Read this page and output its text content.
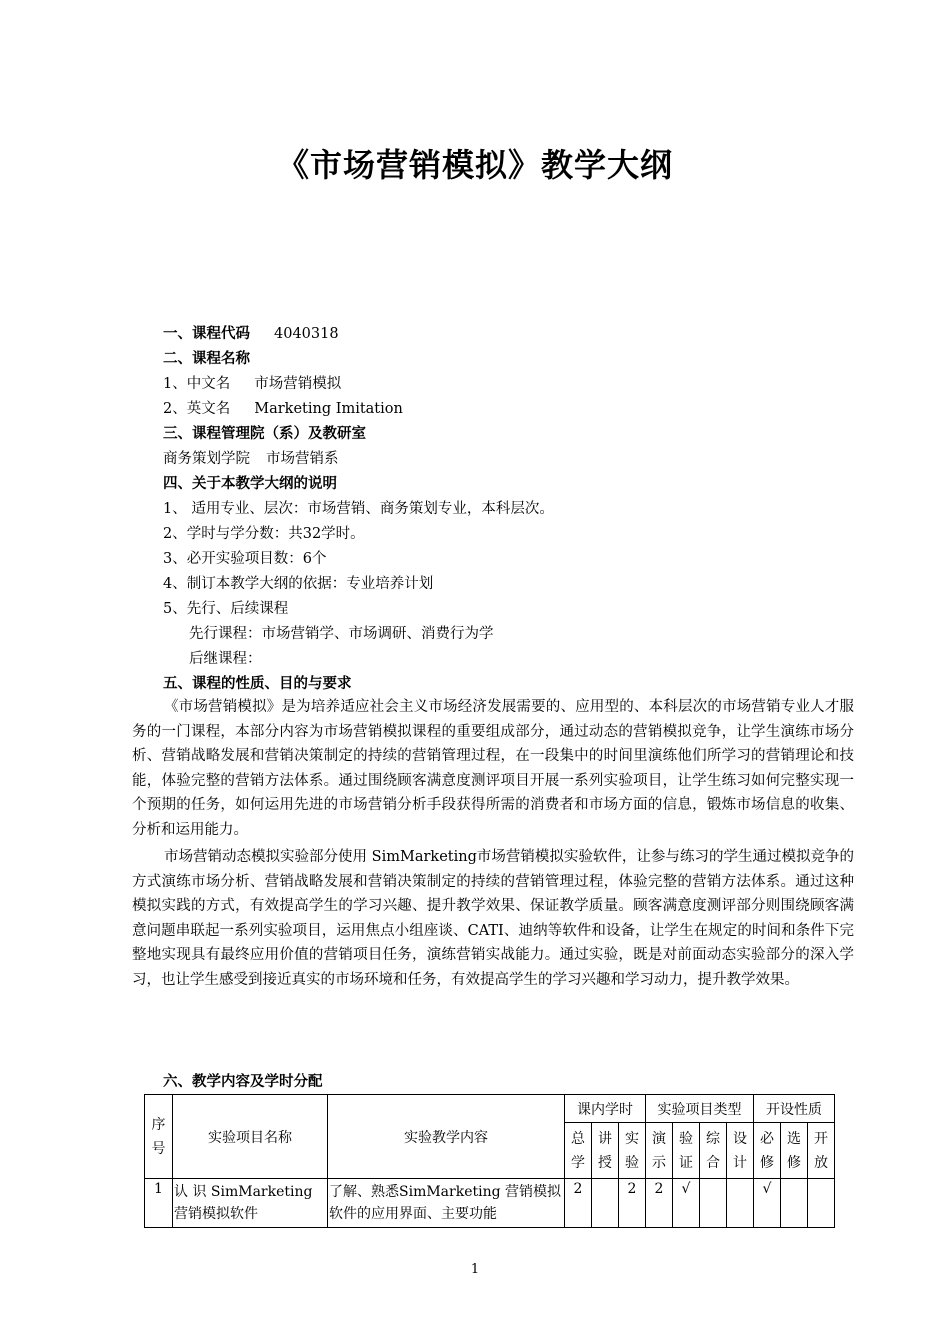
《市场营销模拟》教学大纲
一、课程代码 4040318
二、课程名称
1、中文名 市场营销模拟
2、英文名 Marketing Imitation
三、课程管理院（系）及教研室
商务策划学院 市场营销系
四、关于本教学大纲的说明
1、 适用专业、层次：市场营销、商务策划专业，本科层次。
2、学时与学分数：共32学时。
3、必开实验项目数：6个
4、制订本教学大纲的依据：专业培养计划
5、先行、后续课程
先行课程：市场营销学、市场调研、消费行为学
后继课程：
五、课程的性质、目的与要求
《市场营销模拟》是为培养适应社会主义市场经济发展需要的、应用型的、本科层次的市场营销专业人才服务的一门课程，本部分内容为市场营销模拟课程的重要组成部分，通过动态的营销模拟竞争，让学生演练市场分析、营销战略发展和营销决策制定的持续的营销管理过程，在一段集中的时间里演练他们所学习的营销理论和技能，体验完整的营销方法体系。通过围绕顾客满意度测评项目开展一系列实验项目，让学生练习如何完整实现一个预期的任务，如何运用先进的市场营销分析手段获得所需的消费者和市场方面的信息，锻炼市场信息的收集、分析和运用能力。
市场营销动态模拟实验部分使用 SimMarketing市场营销模拟实验软件，让参与练习的学生通过模拟竞争的方式演练市场分析、营销战略发展和营销决策制定的持续的营销管理过程，体验完整的营销方法体系。通过这种模拟实践的方式，有效提高学生的学习兴趣、提升教学效果、保证教学质量。顾客满意度测评部分则围绕顾客满意问题串联起一系列实验项目，运用焦点小组座谈、CATI、迪纳等软件和设备，让学生在规定的时间和条件下完整地实现具有最终应用价值的营销项目任务，演练营销实战能力。通过实验，既是对前面动态实验部分的深入学习，也让学生感受到接近真实的市场环境和任务，有效提高学生的学习兴趣和学习动力，提升教学效果。
六、教学内容及学时分配
序号	实验项目名称	实验教学内容	课内学时			实验项目类型				开设性质		

			总学	讲授	实验	演示	验证	综合	设计	必修	选修	开放

1	认 识 SimMarketing营销模拟软件	了解、熟悉SimMarketing 营销模拟软件的应用界面、主要功能	2		2	2	√			√		
1
